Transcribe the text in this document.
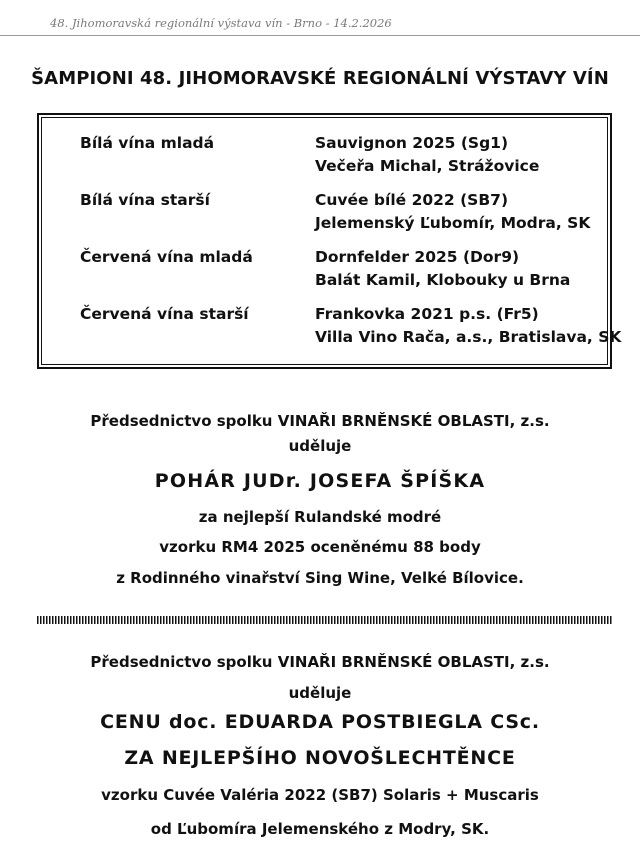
48. Jihomoravská regionální výstava vín - Brno - 14.2.2026
ŠAMPIONI 48. JIHOMORAVSKÉ REGIONÁLNÍ VÝSTAVY VÍN
Bílá vína mladá	Sauvignon 2025 (Sg1)
Večeřa Michal, Strážovice
Bílá vína starší	Cuvée bílé 2022 (SB7)
Jelemenský Ľubomír, Modra, SK
Červená vína mladá	Dornfelder 2025 (Dor9)
Balát Kamil, Klobouky u Brna
Červená vína starší	Frankovka 2021 p.s. (Fr5)
Villa Vino Rača, a.s., Bratislava, SK
Předsednictvo spolku VINAŘI BRNĚNSKÉ OBLASTI, z.s.
uděluje
POHÁR JUDr. JOSEFA ŠPÍŠKA
za nejlepší Rulandské modré
vzorku RM4 2025 oceněnému 88 body
z Rodinného vinařství Sing Wine, Velké Bílovice.
Předsednictvo spolku VINAŘI BRNĚNSKÉ OBLASTI, z.s.
uděluje
CENU doc. EDUARDA POSTBIEGLA CSc.
ZA NEJLEPŠÍHO NOVOŠLECHTĚNCE
vzorku Cuvée Valéria 2022 (SB7) Solaris + Muscaris
od Ľubomíra Jelemenského z Modry, SK.
